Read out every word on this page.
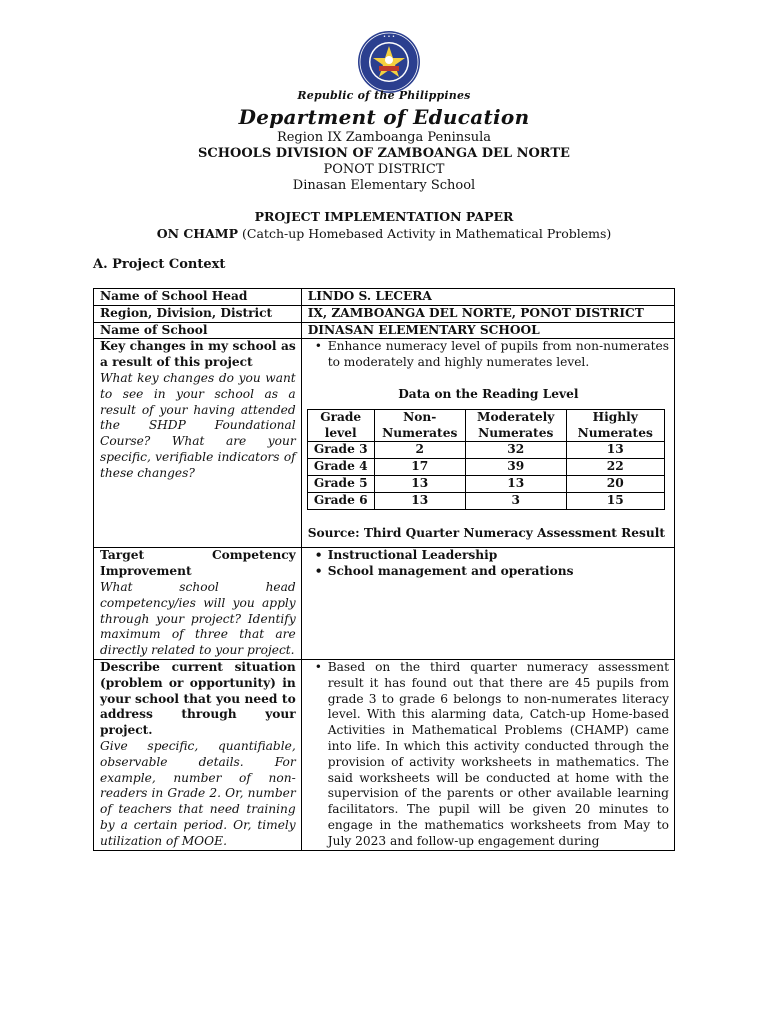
• • •
Republic of the Philippines
Department of Education
Region IX Zamboanga Peninsula
SCHOOLS DIVISION OF ZAMBOANGA DEL NORTE
PONOT DISTRICT
Dinasan Elementary School
PROJECT IMPLEMENTATION PAPER
ON CHAMP (Catch-up Homebased Activity in Mathematical Problems)
A. Project Context
Name of School Head	LINDO S. LECERA
Region, Division, District	IX, ZAMBOANGA DEL NORTE, PONOT DISTRICT
Name of School	DINASAN ELEMENTARY SCHOOL

Key changes in my school as a result of this project
What key changes do you want to see in your school as a result of your having attended the SHDP Foundational Course? What are your specific, verifiable indicators of these changes?

• Enhance numeracy level of pupils from non-numerates to moderately and highly numerates level.
Data on the Reading Level
Grade level	Non-Numerates	Moderately Numerates	Highly Numerates
Grade 3	2	32	13
Grade 4	17	39	22
Grade 5	13	13	20
Grade 6	13	3	15
Source: Third Quarter Numeracy Assessment Result

Target Competency Improvement
What school head competency/ies will you apply through your project? Identify maximum of three that are directly related to your project.

• Instructional Leadership
• School management and operations

Describe current situation (problem or opportunity) in your school that you need to address through your project.
Give specific, quantifiable, observable details. For example, number of non-readers in Grade 2. Or, number of teachers that need training by a certain period. Or, timely utilization of MOOE.

• Based on the third quarter numeracy assessment result it has found out that there are 45 pupils from grade 3 to grade 6 belongs to non-numerates literacy level. With this alarming data, Catch-up Home-based Activities in Mathematical Problems (CHAMP) came into life. In which this activity conducted through the provision of activity worksheets in mathematics. The said worksheets will be conducted at home with the supervision of the parents or other available learning facilitators. The pupil will be given 20 minutes to engage in the mathematics worksheets from May to July 2023 and follow-up engagement during
